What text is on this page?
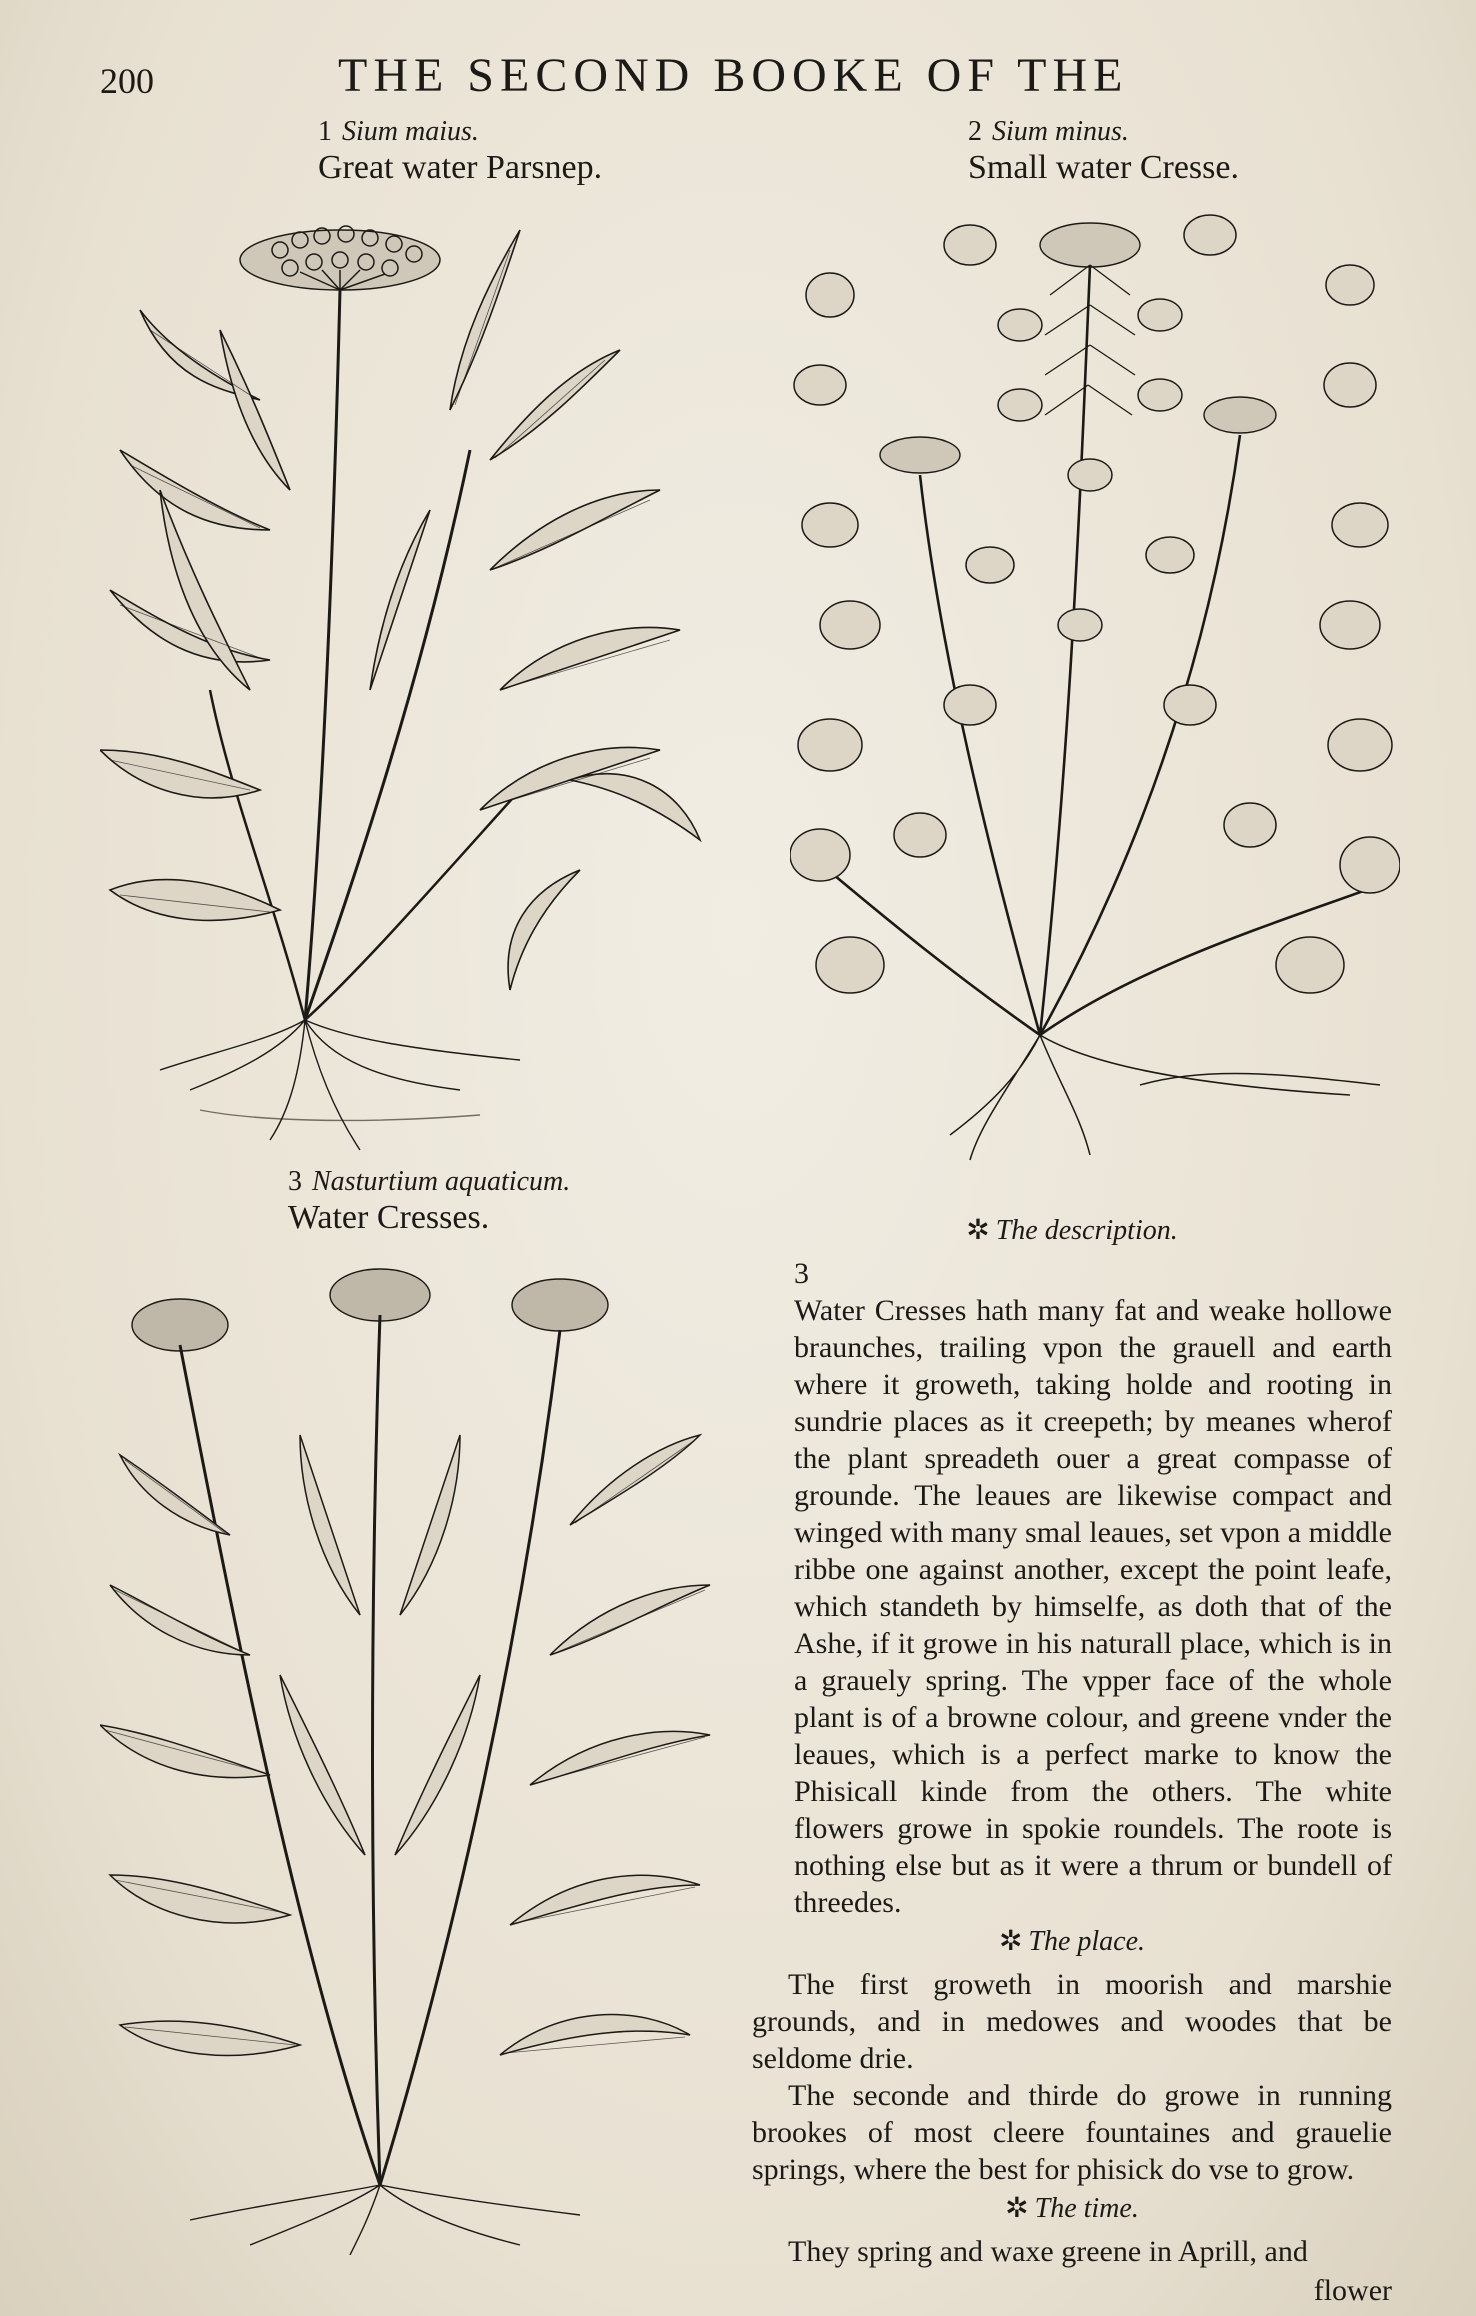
200	THE SECOND BOOKE OF THE
1 Sium maius.
Great water Parsnep.
2 Sium minus.
Small water Cresse.
3 Nasturtium aquaticum.
Water Cresses.	✲ The description.
3

Water Cresses hath many fat and weake hollowe braunches, trailing vpon the grauell and earth where it groweth, taking holde and rooting in sundrie places as it creepeth; by meanes wherof the plant spreadeth ouer a great compasse of grounde. The leaues are likewise compact and winged with many smal leaues, set vpon a middle ribbe one against another, except the point leafe, which standeth by himselfe, as doth that of the Ashe, if it growe in his naturall place, which is in a grauely spring. The vpper face of the whole plant is of a browne colour, and greene vnder the leaues, which is a perfect marke to know the Phisicall kinde from the others. The white flowers growe in spokie roundels. The roote is nothing else but as it were a thrum or bundell of threedes.

✲ The place.

The first groweth in moorish and marshie grounds, and in medowes and woodes that be seldome drie.

The seconde and thirde do growe in running brookes of most cleere fountaines and grauelie springs, where the best for phisick do vse to grow.

✲ The time.

They spring and waxe greene in Aprill, and

flower
